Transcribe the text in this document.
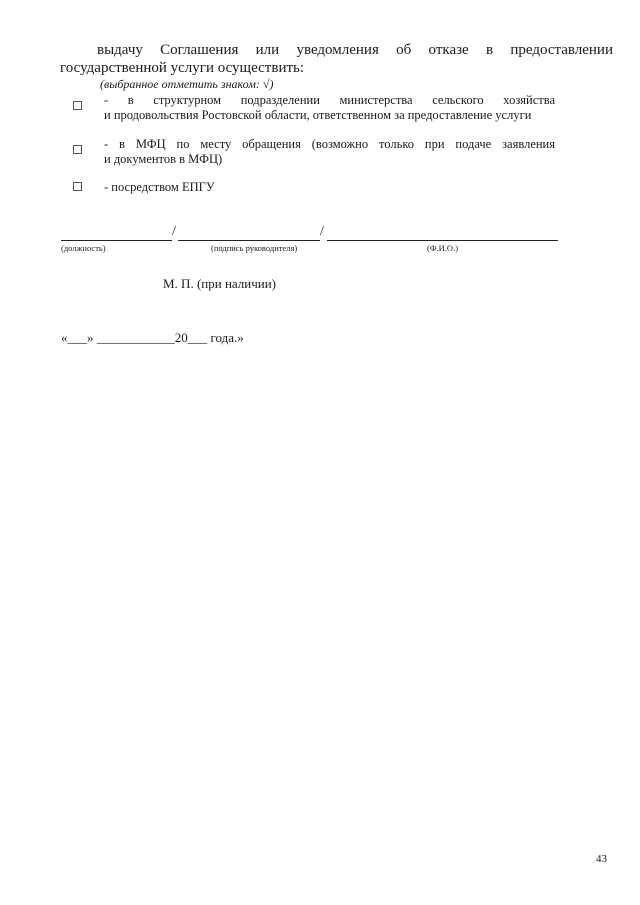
выдачу Соглашения или уведомления об отказе в предоставлении
государственной услуги осуществить:
(выбранное отметить знаком: √)
- в структурном подразделении министерства сельского хозяйства
и продовольствия Ростовской области, ответственном за предоставление услуги
- в МФЦ по месту обращения (возможно только при подаче заявления
и документов в МФЦ)
- посредством ЕПГУ
/	/
(должность)	(подпись руководителя)	(Ф.И.О.)
М. П. (при наличии)
«___» ____________20___ года.»
43
